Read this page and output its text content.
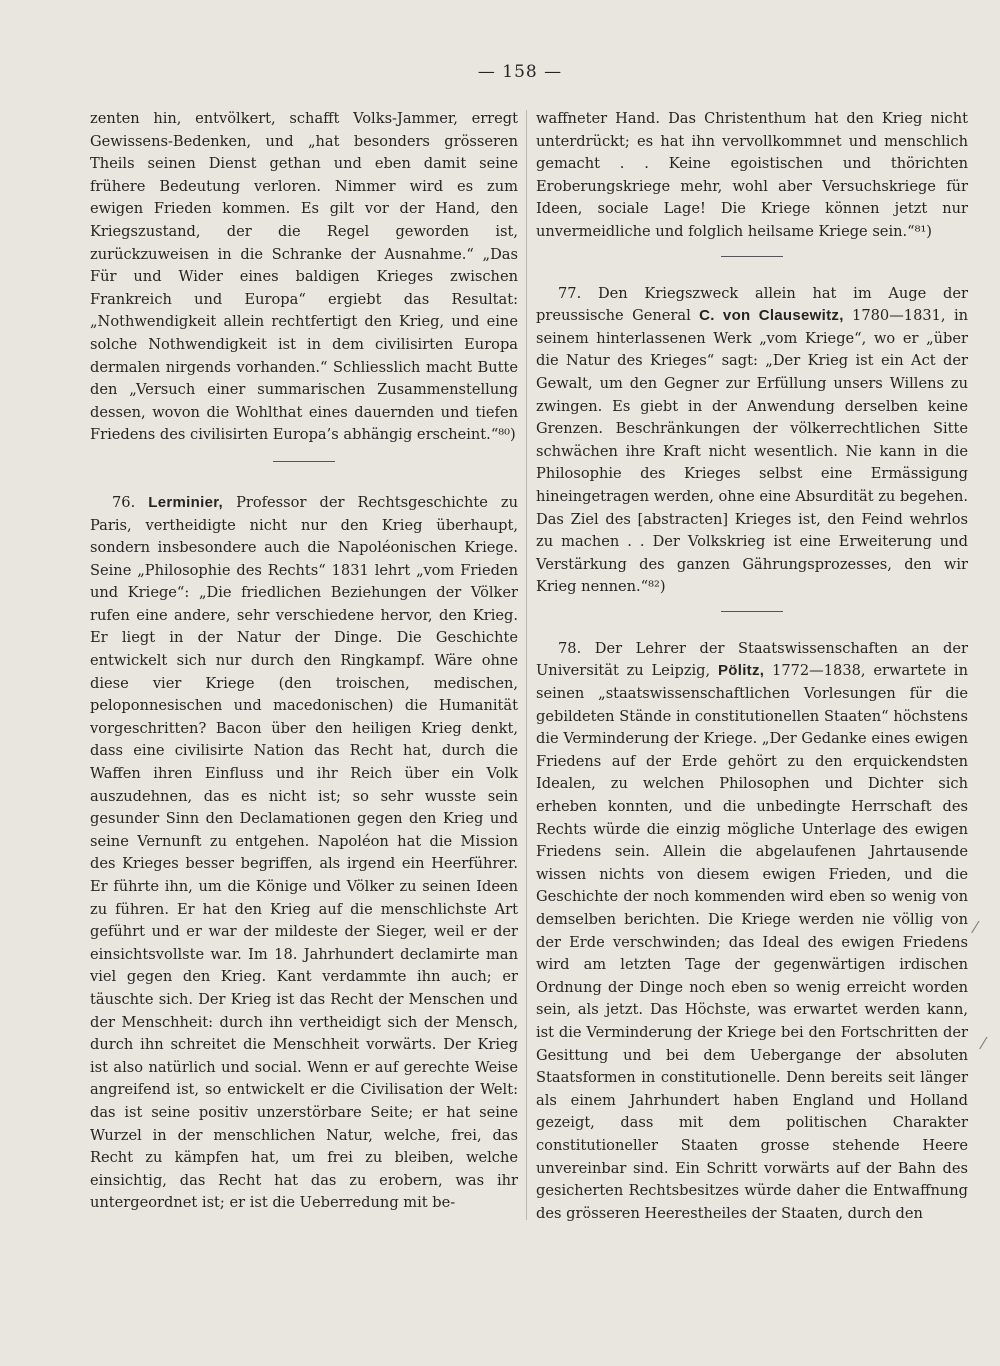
— 158 —

zenten hin, entvölkert, schafft Volks-Jammer, erregt Gewissens-Bedenken, und „hat besonders grösseren Theils seinen Dienst gethan und eben damit seine frühere Bedeutung verloren. Nimmer wird es zum ewigen Frieden kommen. Es gilt vor der Hand, den Kriegszustand, der die Regel geworden ist, zurückzuweisen in die Schranke der Ausnahme.“ „Das Für und Wider eines baldigen Krieges zwischen Frankreich und Europa“ ergiebt das Resultat: „Nothwendigkeit allein rechtfertigt den Krieg, und eine solche Nothwendigkeit ist in dem civilisirten Europa dermalen nirgends vorhanden.“ Schliesslich macht Butte den „Versuch einer summarischen Zusammenstellung dessen, wovon die Wohlthat eines dauernden und tiefen Friedens des civilisirten Europa’s abhängig erscheint.“⁸⁰)

76. Lerminier, Professor der Rechtsgeschichte zu Paris, vertheidigte nicht nur den Krieg überhaupt, sondern insbesondere auch die Napoléonischen Kriege. Seine „Philosophie des Rechts“ 1831 lehrt „vom Frieden und Kriege“: „Die friedlichen Beziehungen der Völker rufen eine andere, sehr verschiedene hervor, den Krieg. Er liegt in der Natur der Dinge. Die Geschichte entwickelt sich nur durch den Ringkampf. Wäre ohne diese vier Kriege (den troischen, medischen, peloponnesischen und macedonischen) die Humanität vorgeschritten? Bacon über den heiligen Krieg denkt, dass eine civilisirte Nation das Recht hat, durch die Waffen ihren Einfluss und ihr Reich über ein Volk auszudehnen, das es nicht ist; so sehr wusste sein gesunder Sinn den Declamationen gegen den Krieg und seine Vernunft zu entgehen. Napoléon hat die Mission des Krieges besser begriffen, als irgend ein Heerführer. Er führte ihn, um die Könige und Völker zu seinen Ideen zu führen. Er hat den Krieg auf die menschlichste Art geführt und er war der mildeste der Sieger, weil er der einsichtsvollste war. Im 18. Jahrhundert declamirte man viel gegen den Krieg. Kant verdammte ihn auch; er täuschte sich. Der Krieg ist das Recht der Menschen und der Menschheit: durch ihn vertheidigt sich der Mensch, durch ihn schreitet die Menschheit vorwärts. Der Krieg ist also natürlich und social. Wenn er auf gerechte Weise angreifend ist, so entwickelt er die Civilisation der Welt: das ist seine positiv unzerstörbare Seite; er hat seine Wurzel in der menschlichen Natur, welche, frei, das Recht zu kämpfen hat, um frei zu bleiben, welche einsichtig, das Recht hat das zu erobern, was ihr untergeordnet ist; er ist die Ueberredung mit be-

waffneter Hand. Das Christenthum hat den Krieg nicht unterdrückt; es hat ihn vervollkommnet und menschlich gemacht . . Keine egoistischen und thörichten Eroberungskriege mehr, wohl aber Versuchskriege für Ideen, sociale Lage! Die Kriege können jetzt nur unvermeidliche und folglich heilsame Kriege sein.“⁸¹)

77. Den Kriegszweck allein hat im Auge der preussische General C. von Clausewitz, 1780—1831, in seinem hinterlassenen Werk „vom Kriege“, wo er „über die Natur des Krieges“ sagt: „Der Krieg ist ein Act der Gewalt, um den Gegner zur Erfüllung unsers Willens zu zwingen. Es giebt in der Anwendung derselben keine Grenzen. Beschränkungen der völkerrechtlichen Sitte schwächen ihre Kraft nicht wesentlich. Nie kann in die Philosophie des Krieges selbst eine Ermässigung hineingetragen werden, ohne eine Absurdität zu begehen. Das Ziel des [abstracten] Krieges ist, den Feind wehrlos zu machen . . Der Volkskrieg ist eine Erweiterung und Verstärkung des ganzen Gährungsprozesses, den wir Krieg nennen.“⁸²)

78. Der Lehrer der Staatswissenschaften an der Universität zu Leipzig, Pölitz, 1772—1838, erwartete in seinen „staatswissenschaftlichen Vorlesungen für die gebildeten Stände in constitutionellen Staaten“ höchstens die Verminderung der Kriege. „Der Gedanke eines ewigen Friedens auf der Erde gehört zu den erquickendsten Idealen, zu welchen Philosophen und Dichter sich erheben konnten, und die unbedingte Herrschaft des Rechts würde die einzig mögliche Unterlage des ewigen Friedens sein. Allein die abgelaufenen Jahrtausende wissen nichts von diesem ewigen Frieden, und die Geschichte der noch kommenden wird eben so wenig von demselben berichten. Die Kriege werden nie völlig von der Erde verschwinden; das Ideal des ewigen Friedens wird am letzten Tage der gegenwärtigen irdischen Ordnung der Dinge noch eben so wenig erreicht worden sein, als jetzt. Das Höchste, was erwartet werden kann, ist die Verminderung der Kriege bei den Fortschritten der Gesittung und bei dem Uebergange der absoluten Staatsformen in constitutionelle. Denn bereits seit länger als einem Jahrhundert haben England und Holland gezeigt, dass mit dem politischen Charakter constitutioneller Staaten grosse stehende Heere unvereinbar sind. Ein Schritt vorwärts auf der Bahn des gesicherten Rechtsbesitzes würde daher die Entwaffnung des grösseren Heerestheiles der Staaten, durch den

⁄
⁄
